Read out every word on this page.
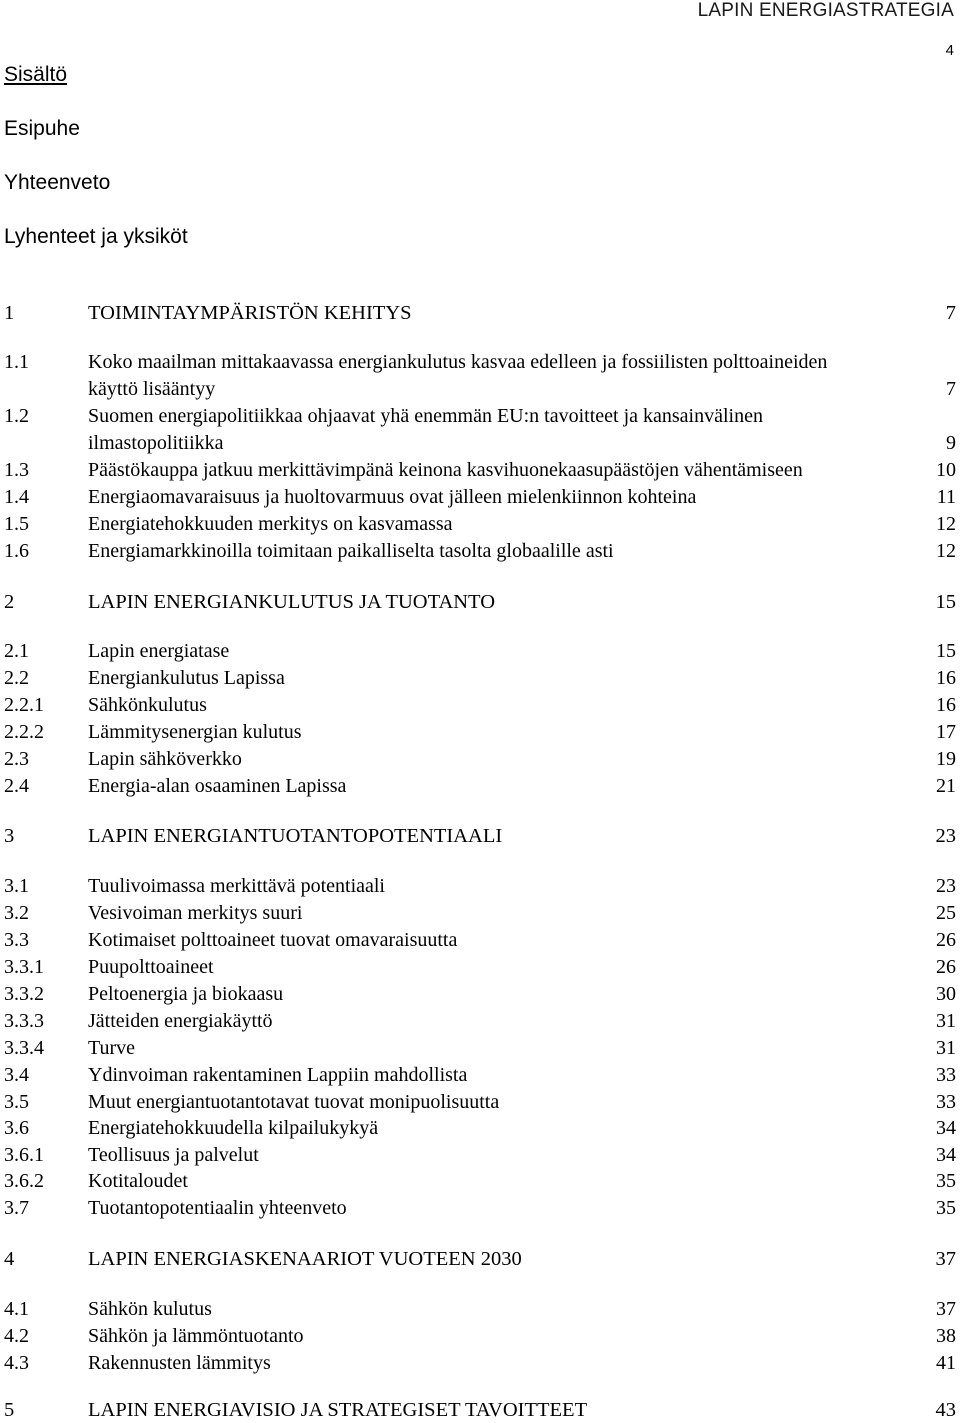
LAPIN ENERGIASTRATEGIA
4
Sisältö
Esipuhe
Yhteenveto
Lyhenteet ja yksiköt
1	TOIMINTAYMPÄRISTÖN KEHITYS	7
1.1	Koko maailman mittakaavassa energiankulutus kasvaa edelleen ja fossiilisten polttoaineiden
käyttö lisääntyy	7
1.2	Suomen energiapolitiikkaa ohjaavat yhä enemmän EU:n tavoitteet ja kansainvälinen
ilmastopolitiikka	9
1.3	Päästökauppa jatkuu merkittävimpänä keinona kasvihuonekaasupäästöjen vähentämiseen	10
1.4	Energiaomavaraisuus ja huoltovarmuus ovat jälleen mielenkiinnon kohteina	11
1.5	Energiatehokkuuden merkitys on kasvamassa	12
1.6	Energiamarkkinoilla toimitaan paikalliselta tasolta globaalille asti	12
2	LAPIN ENERGIANKULUTUS JA TUOTANTO	15
2.1	Lapin energiatase	15
2.2	Energiankulutus Lapissa	16
2.2.1 Sähkönkulutus	16
2.2.2 Lämmitysenergian kulutus	17
2.3	Lapin sähköverkko	19
2.4	Energia-alan osaaminen Lapissa	21
3	LAPIN ENERGIANTUOTANTOPOTENTIAALI	23
3.1	Tuulivoimassa merkittävä potentiaali	23
3.2	Vesivoiman merkitys suuri	25
3.3	Kotimaiset polttoaineet tuovat omavaraisuutta	26
3.3.1 Puupolttoaineet	26
3.3.2 Peltoenergia ja biokaasu	30
3.3.3 Jätteiden energiakäyttö	31
3.3.4 Turve	31
3.4	Ydinvoiman rakentaminen Lappiin mahdollista	33
3.5	Muut energiantuotantotavat tuovat monipuolisuutta	33
3.6	Energiatehokkuudella kilpailukykyä	34
3.6.1 Teollisuus ja palvelut	34
3.6.2 Kotitaloudet	35
3.7	Tuotantopotentiaalin yhteenveto	35
4	LAPIN ENERGIASKENAARIOT VUOTEEN 2030	37
4.1	Sähkön kulutus	37
4.2	Sähkön ja lämmöntuotanto	38
4.3	Rakennusten lämmitys	41
5	LAPIN ENERGIAVISIO JA STRATEGISET TAVOITTEET	43
